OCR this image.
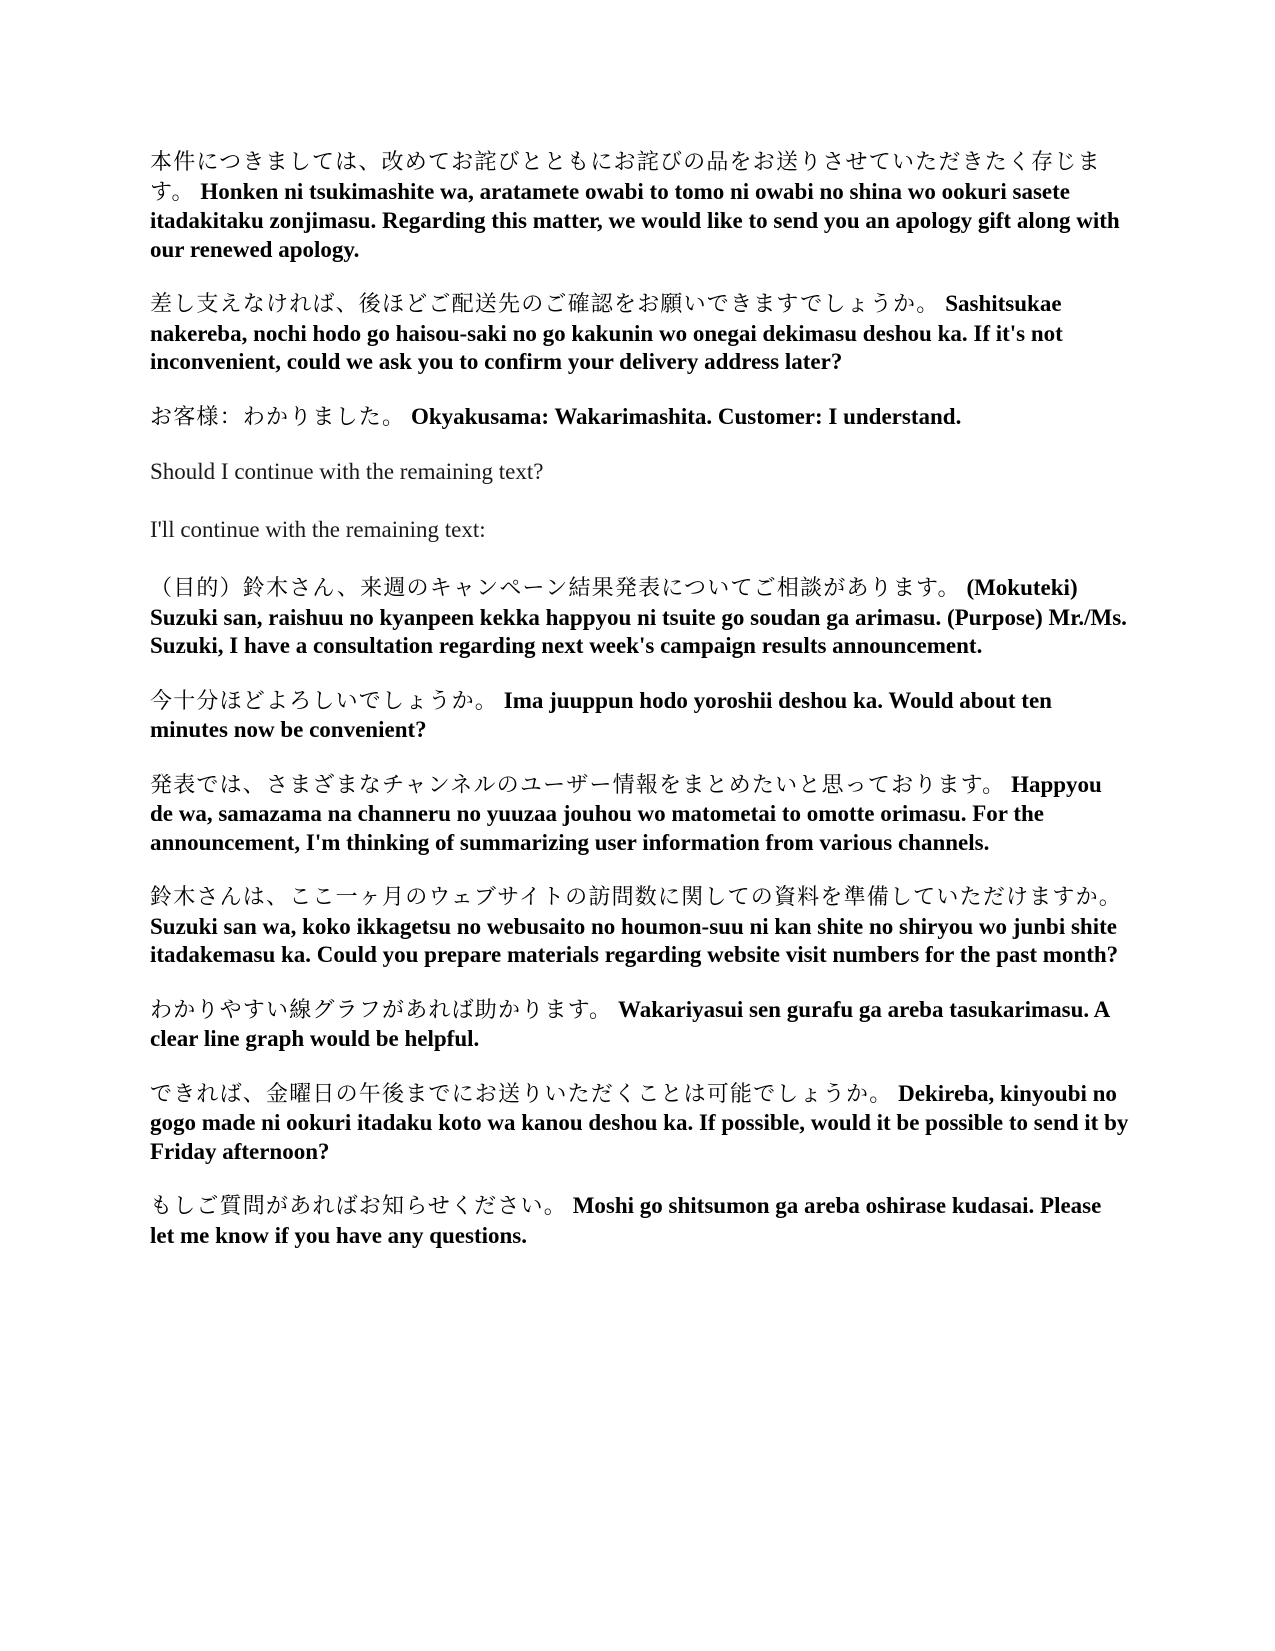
本件につきましては、改めてお詫びとともにお詫びの品をお送りさせていただきたく存じます。 Honken ni tsukimashite wa, aratamete owabi to tomo ni owabi no shina wo ookuri sasete itadakitaku zonjimasu. Regarding this matter, we would like to send you an apology gift along with our renewed apology.

差し支えなければ、後ほどご配送先のご確認をお願いできますでしょうか。 Sashitsukae nakereba, nochi hodo go haisou-saki no go kakunin wo onegai dekimasu deshou ka. If it's not inconvenient, could we ask you to confirm your delivery address later?

お客様：わかりました。 Okyakusama: Wakarimashita. Customer: I understand.

Should I continue with the remaining text?

I'll continue with the remaining text:

（目的）鈴木さん、来週のキャンペーン結果発表についてご相談があります。 (Mokuteki) Suzuki san, raishuu no kyanpeen kekka happyou ni tsuite go soudan ga arimasu. (Purpose) Mr./Ms. Suzuki, I have a consultation regarding next week's campaign results announcement.

今十分ほどよろしいでしょうか。 Ima juuppun hodo yoroshii deshou ka. Would about ten minutes now be convenient?

発表では、さまざまなチャンネルのユーザー情報をまとめたいと思っております。 Happyou de wa, samazama na channeru no yuuzaa jouhou wo matometai to omotte orimasu. For the announcement, I'm thinking of summarizing user information from various channels.

鈴木さんは、ここ一ヶ月のウェブサイトの訪問数に関しての資料を準備していただけますか。 Suzuki san wa, koko ikkagetsu no webusaito no houmon-suu ni kan shite no shiryou wo junbi shite itadakemasu ka. Could you prepare materials regarding website visit numbers for the past month?

わかりやすい線グラフがあれば助かります。 Wakariyasui sen gurafu ga areba tasukarimasu. A clear line graph would be helpful.

できれば、金曜日の午後までにお送りいただくことは可能でしょうか。 Dekireba, kinyoubi no gogo made ni ookuri itadaku koto wa kanou deshou ka. If possible, would it be possible to send it by Friday afternoon?

もしご質問があればお知らせください。 Moshi go shitsumon ga areba oshirase kudasai. Please let me know if you have any questions.
